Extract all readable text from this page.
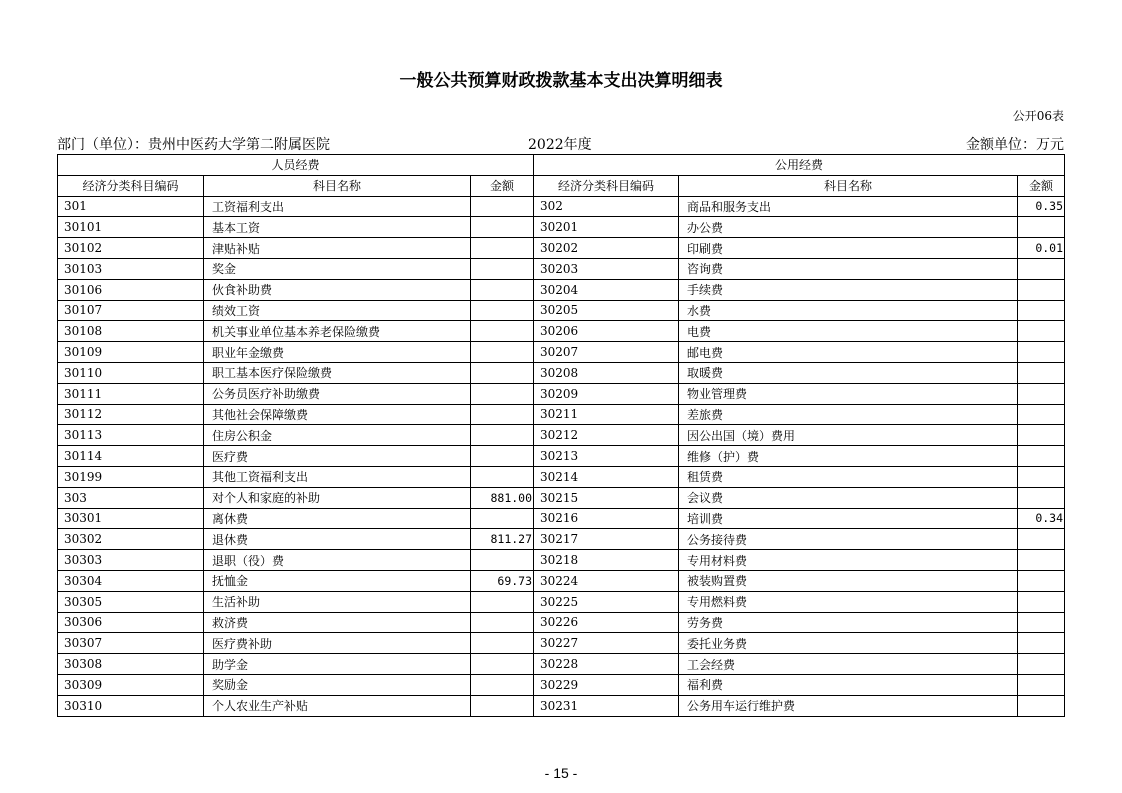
一般公共预算财政拨款基本支出决算明细表
公开06表
部门（单位）：贵州中医药大学第二附属医院	2022年度	金额单位：万元
人员经费			公用经费		
经济分类科目编码	科目名称	金额	经济分类科目编码	科目名称	金额
301	工资福利支出		302	商品和服务支出	0.35
30101	基本工资		30201	办公费	
30102	津贴补贴		30202	印刷费	0.01
30103	奖金		30203	咨询费	
30106	伙食补助费		30204	手续费	
30107	绩效工资		30205	水费	
30108	机关事业单位基本养老保险缴费		30206	电费	
30109	职业年金缴费		30207	邮电费	
30110	职工基本医疗保险缴费		30208	取暖费	
30111	公务员医疗补助缴费		30209	物业管理费	
30112	其他社会保障缴费		30211	差旅费	
30113	住房公积金		30212	因公出国（境）费用	
30114	医疗费		30213	维修（护）费	
30199	其他工资福利支出		30214	租赁费	
303	对个人和家庭的补助	881.00	30215	会议费	
30301	离休费		30216	培训费	0.34
30302	退休费	811.27	30217	公务接待费	
30303	退职（役）费		30218	专用材料费	
30304	抚恤金	69.73	30224	被装购置费	
30305	生活补助		30225	专用燃料费	
30306	救济费		30226	劳务费	
30307	医疗费补助		30227	委托业务费	
30308	助学金		30228	工会经费	
30309	奖励金		30229	福利费	
30310	个人农业生产补贴		30231	公务用车运行维护费	
- 15 -
